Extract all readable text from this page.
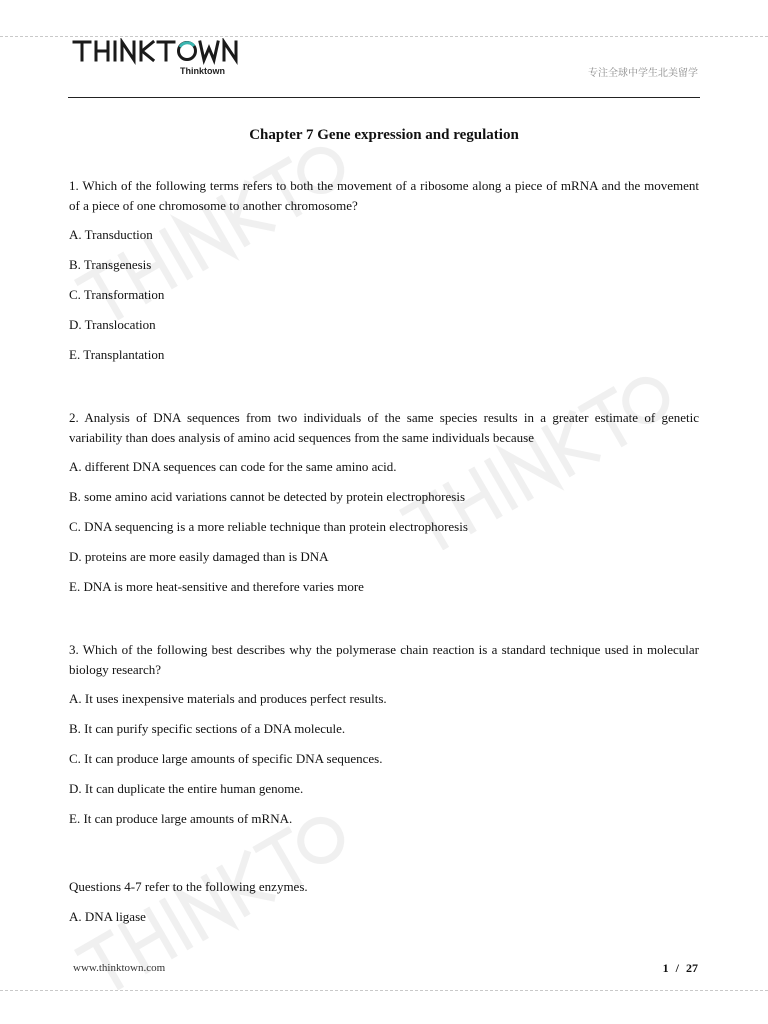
Thinktown	专注全球中学生北美留学
Chapter 7 Gene expression and regulation

1. Which of the following terms refers to both the movement of a ribosome along a piece of mRNA and the movement of a piece of one chromosome to another chromosome?

A. Transduction

B. Transgenesis

C. Transformation

D. Translocation

E. Transplantation

2. Analysis of DNA sequences from two individuals of the same species results in a greater estimate of genetic variability than does analysis of amino acid sequences from the same individuals because

A. different DNA sequences can code for the same amino acid.

B. some amino acid variations cannot be detected by protein electrophoresis

C. DNA sequencing is a more reliable technique than protein electrophoresis

D. proteins are more easily damaged than is DNA

E. DNA is more heat-sensitive and therefore varies more

3. Which of the following best describes why the polymerase chain reaction is a standard technique used in molecular biology research?

A. It uses inexpensive materials and produces perfect results.

B. It can purify specific sections of a DNA molecule.

C. It can produce large amounts of specific DNA sequences.

D. It can duplicate the entire human genome.

E. It can produce large amounts of mRNA.

Questions 4-7 refer to the following enzymes.

A. DNA ligase

www.thinktown.com	1 / 27
